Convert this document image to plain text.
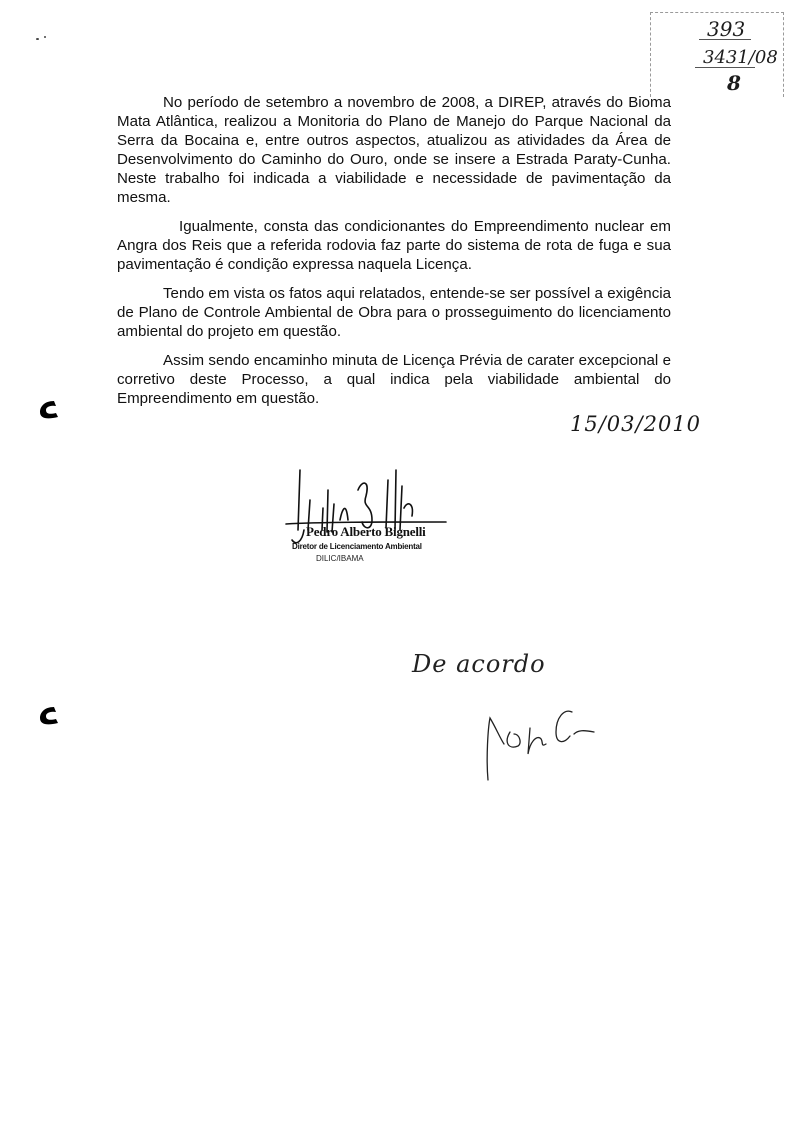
393
3431/08
8

No período de setembro a novembro de 2008, a DIREP, através do Bioma Mata Atlântica, realizou a Monitoria do Plano de Manejo do Parque Nacional da Serra da Bocaina e, entre outros aspectos, atualizou as atividades da Área de Desenvolvimento do Caminho do Ouro, onde se insere a Estrada Paraty-Cunha. Neste trabalho foi indicada a viabilidade e necessidade de pavimentação da mesma.

Igualmente, consta das condicionantes do Empreendimento nuclear em Angra dos Reis que a referida rodovia faz parte do sistema de rota de fuga e sua pavimentação é condição expressa naquela Licença.

Tendo em vista os fatos aqui relatados, entende-se ser possível a exigência de Plano de Controle Ambiental de Obra para o prosseguimento do licenciamento ambiental do projeto em questão.

Assim sendo encaminho minuta de Licença Prévia de carater excepcional e corretivo deste Processo, a qual indica pela viabilidade ambiental do Empreendimento em questão.

15/03/2010
Pedro Alberto Bignelli
Diretor de Licenciamento Ambiental
DILIC/IBAMA
De acordo
